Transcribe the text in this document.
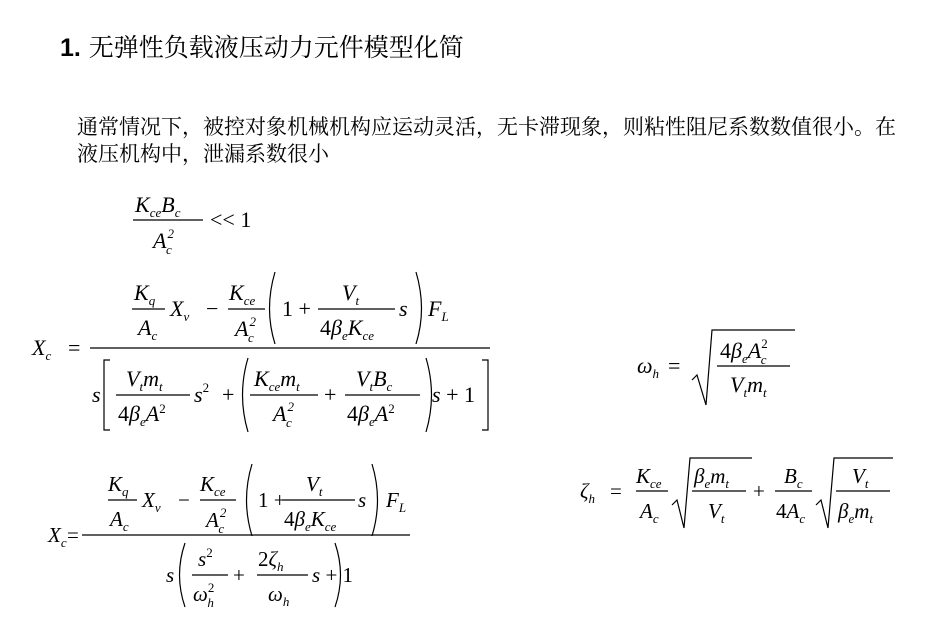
1. 无弹性负载液压动力元件模型化简
通常情况下，被控对象机械机构应运动灵活，无卡滞现象，则粘性阻尼系数数值很小。在液压机构中，泄漏系数很小
$K_{ce}B_c$
$A^2$ c
<< 1
$X_c$ =
$K_q$
$A_c$
$X_v$ −
$K_{ce}$
$A^2$ c
1 +
$V_t$
$4\beta_eK_{ce}$
s $F_L$
s
$V_tm_t$
$4\beta_eA^2$
$s^2$ +
$K_{ce}m_t$
$A^2$ c
+
$V_tB_c$
$4\beta_eA^2$
s + 1
$\omega_h$ =
$4\beta_eA^2$ c
$V_tm_t$
$X_c$ =
$K_q$
$A_c$
$X_v$ −
$K_{ce}$
$A^2$ c
1 +
$V_t$
$4\beta_eK_{ce}$
s $F_L$
s
$s^2$
$\omega^2$ h
+
$2\zeta_h$
$\omega_h$
s + 1
$\zeta_h$ =
$K_{ce}$
$A_c$
$\beta_em_t$
$V_t$
+
$B_c$
$4A_c$
$V_t$
$\beta_em_t$
